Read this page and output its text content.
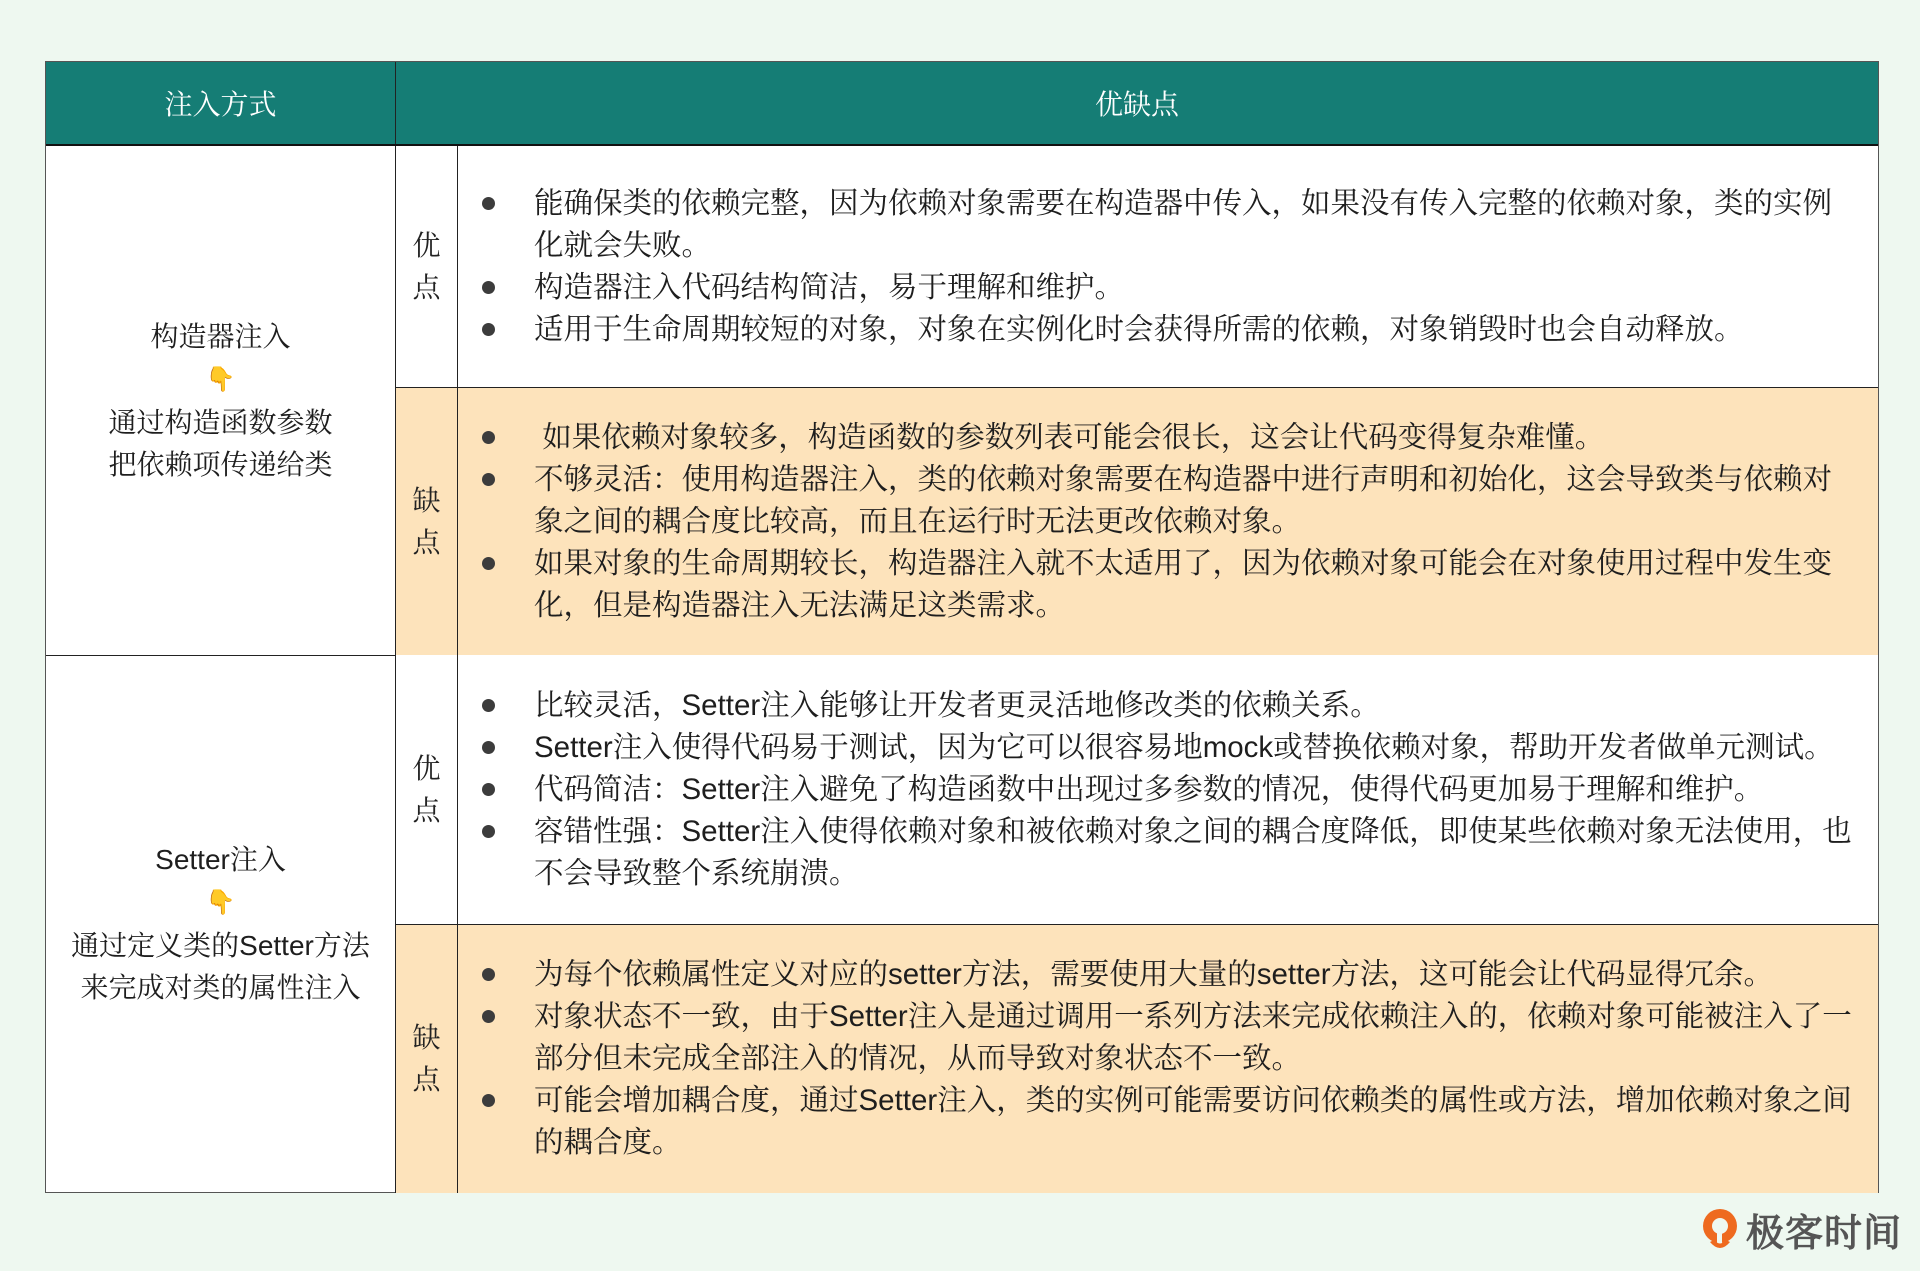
注入方式	优缺点
构造器注入
👇
通过构造函数参数
把依赖项传递给类
优
点
能确保类的依赖完整，因为依赖对象需要在构造器中传入，如果没有传入完整的依赖对象，类的实例化就会失败。
构造器注入代码结构简洁，易于理解和维护。
适用于生命周期较短的对象，对象在实例化时会获得所需的依赖，对象销毁时也会自动释放。
缺
点
如果依赖对象较多，构造函数的参数列表可能会很长，这会让代码变得复杂难懂。
不够灵活：使用构造器注入，类的依赖对象需要在构造器中进行声明和初始化，这会导致类与依赖对象之间的耦合度比较高，而且在运行时无法更改依赖对象。
如果对象的生命周期较长，构造器注入就不太适用了，因为依赖对象可能会在对象使用过程中发生变化，但是构造器注入无法满足这类需求。
Setter注入
👇
通过定义类的Setter方法
来完成对类的属性注入
优
点
比较灵活，Setter注入能够让开发者更灵活地修改类的依赖关系。
Setter注入使得代码易于测试，因为它可以很容易地mock或替换依赖对象，帮助开发者做单元测试。
代码简洁：Setter注入避免了构造函数中出现过多参数的情况，使得代码更加易于理解和维护。
容错性强：Setter注入使得依赖对象和被依赖对象之间的耦合度降低，即使某些依赖对象无法使用，也不会导致整个系统崩溃。
缺
点
为每个依赖属性定义对应的setter方法，需要使用大量的setter方法，这可能会让代码显得冗余。
对象状态不一致，由于Setter注入是通过调用一系列方法来完成依赖注入的，依赖对象可能被注入了一部分但未完成全部注入的情况，从而导致对象状态不一致。
可能会增加耦合度，通过Setter注入，类的实例可能需要访问依赖类的属性或方法，增加依赖对象之间的耦合度。
极客时间
